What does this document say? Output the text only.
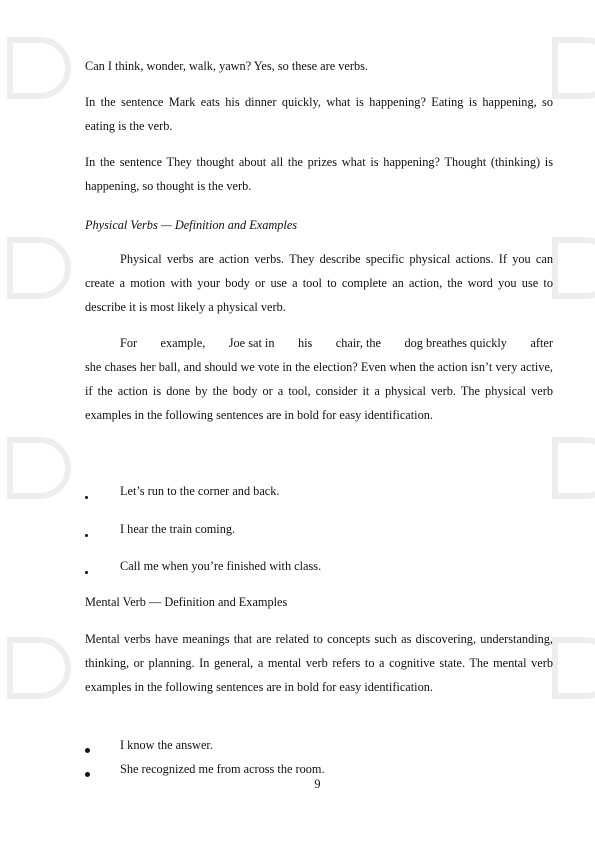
Can I think, wonder, walk, yawn? Yes, so these are verbs.

In the sentence Mark eats his dinner quickly, what is happening? Eating is happening, so eating is the verb.

In the sentence They thought about all the prizes what is happening? Thought (thinking) is happening, so thought is the verb.

Physical Verbs — Definition and Examples

Physical verbs are action verbs. They describe specific physical actions. If you can create a motion with your body or use a tool to complete an action, the word you use to describe it is most likely a physical verb.

For example, Joe sat in his chair, the dog breathes quickly after

she chases her ball, and should we vote in the election? Even when the action isn’t very active, if the action is done by the body or a tool, consider it a physical verb. The physical verb examples in the following sentences are in bold for easy identification.

Let’s run to the corner and back.
I hear the train coming.
Call me when you’re finished with class.

Mental Verb — Definition and Examples

Mental verbs have meanings that are related to concepts such as discovering, understanding, thinking, or planning. In general, a mental verb refers to a cognitive state. The mental verb examples in the following sentences are in bold for easy identification.

I know the answer.
She recognized me from across the room.
9
